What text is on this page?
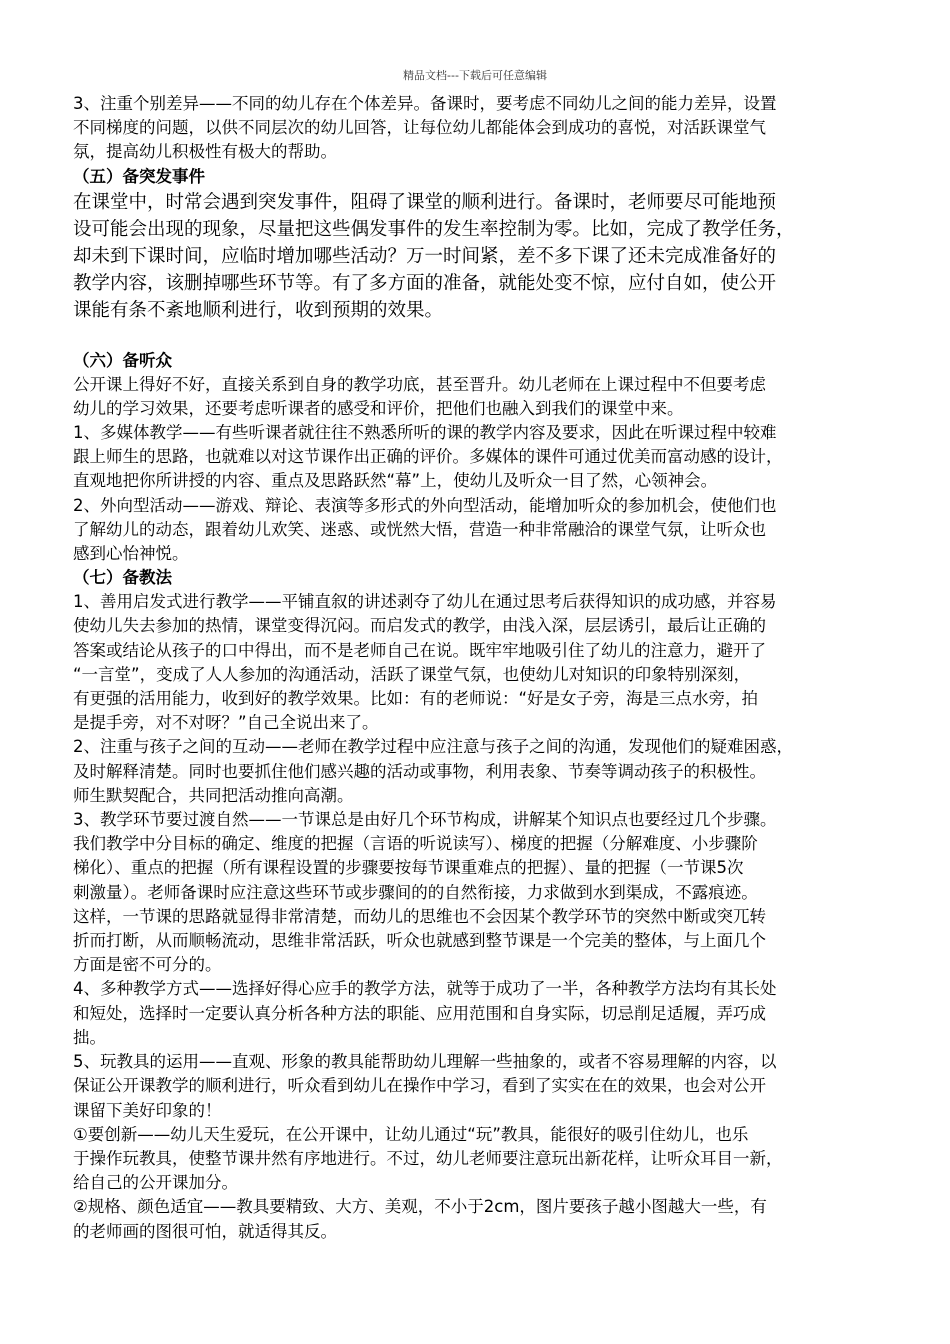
精品文档---下载后可任意编辑
3、注重个别差异——不同的幼儿存在个体差异。备课时，要考虑不同幼儿之间的能力差异，设置
不同梯度的问题，以供不同层次的幼儿回答，让每位幼儿都能体会到成功的喜悦，对活跃课堂气
氛，提高幼儿积极性有极大的帮助。
（五）备突发事件
在课堂中，时常会遇到突发事件，阻碍了课堂的顺利进行。备课时，老师要尽可能地预
设可能会出现的现象，尽量把这些偶发事件的发生率控制为零。比如，完成了教学任务，
却未到下课时间，应临时增加哪些活动？万一时间紧，差不多下课了还未完成准备好的
教学内容，该删掉哪些环节等。有了多方面的准备，就能处变不惊，应付自如，使公开
课能有条不紊地顺利进行，收到预期的效果。
（六）备听众
公开课上得好不好，直接关系到自身的教学功底，甚至晋升。幼儿老师在上课过程中不但要考虑
幼儿的学习效果，还要考虑听课者的感受和评价，把他们也融入到我们的课堂中来。
1、多媒体教学——有些听课者就往往不熟悉所听的课的教学内容及要求，因此在听课过程中较难
跟上师生的思路，也就难以对这节课作出正确的评价。多媒体的课件可通过优美而富动感的设计，
直观地把你所讲授的内容、重点及思路跃然“幕”上，使幼儿及听众一目了然，心领神会。
2、外向型活动——游戏、辩论、表演等多形式的外向型活动，能增加听众的参加机会，使他们也
了解幼儿的动态，跟着幼儿欢笑、迷惑、或恍然大悟，营造一种非常融洽的课堂气氛，让听众也
感到心怡神悦。
（七）备教法
1、善用启发式进行教学——平铺直叙的讲述剥夺了幼儿在通过思考后获得知识的成功感，并容易
使幼儿失去参加的热情，课堂变得沉闷。而启发式的教学，由浅入深，层层诱引，最后让正确的
答案或结论从孩子的口中得出，而不是老师自己在说。既牢牢地吸引住了幼儿的注意力，避开了
“一言堂”，变成了人人参加的沟通活动，活跃了课堂气氛，也使幼儿对知识的印象特别深刻，
有更强的活用能力，收到好的教学效果。比如：有的老师说：“好是女子旁，海是三点水旁，拍
是提手旁，对不对呀？”自己全说出来了。
2、注重与孩子之间的互动——老师在教学过程中应注意与孩子之间的沟通，发现他们的疑难困惑，
及时解释清楚。同时也要抓住他们感兴趣的活动或事物，利用表象、节奏等调动孩子的积极性。
师生默契配合，共同把活动推向高潮。
3、教学环节要过渡自然——一节课总是由好几个环节构成，讲解某个知识点也要经过几个步骤。
我们教学中分目标的确定、维度的把握（言语的听说读写）、梯度的把握（分解难度、小步骤阶
梯化）、重点的把握（所有课程设置的步骤要按每节课重难点的把握）、量的把握（一节课5次
刺激量）。老师备课时应注意这些环节或步骤间的的自然衔接，力求做到水到渠成，不露痕迹。
这样，一节课的思路就显得非常清楚，而幼儿的思维也不会因某个教学环节的突然中断或突兀转
折而打断，从而顺畅流动，思维非常活跃，听众也就感到整节课是一个完美的整体，与上面几个
方面是密不可分的。
4、多种教学方式——选择好得心应手的教学方法，就等于成功了一半，各种教学方法均有其长处
和短处，选择时一定要认真分析各种方法的职能、应用范围和自身实际，切忌削足适履，弄巧成
拙。
5、玩教具的运用——直观、形象的教具能帮助幼儿理解一些抽象的，或者不容易理解的内容，以
保证公开课教学的顺利进行，听众看到幼儿在操作中学习，看到了实实在在的效果，也会对公开
课留下美好印象的！
①要创新——幼儿天生爱玩，在公开课中，让幼儿通过“玩”教具，能很好的吸引住幼儿，也乐
于操作玩教具，使整节课井然有序地进行。不过，幼儿老师要注意玩出新花样，让听众耳目一新，
给自己的公开课加分。
②规格、颜色适宜——教具要精致、大方、美观，不小于2cm，图片要孩子越小图越大一些，有
的老师画的图很可怕，就适得其反。
